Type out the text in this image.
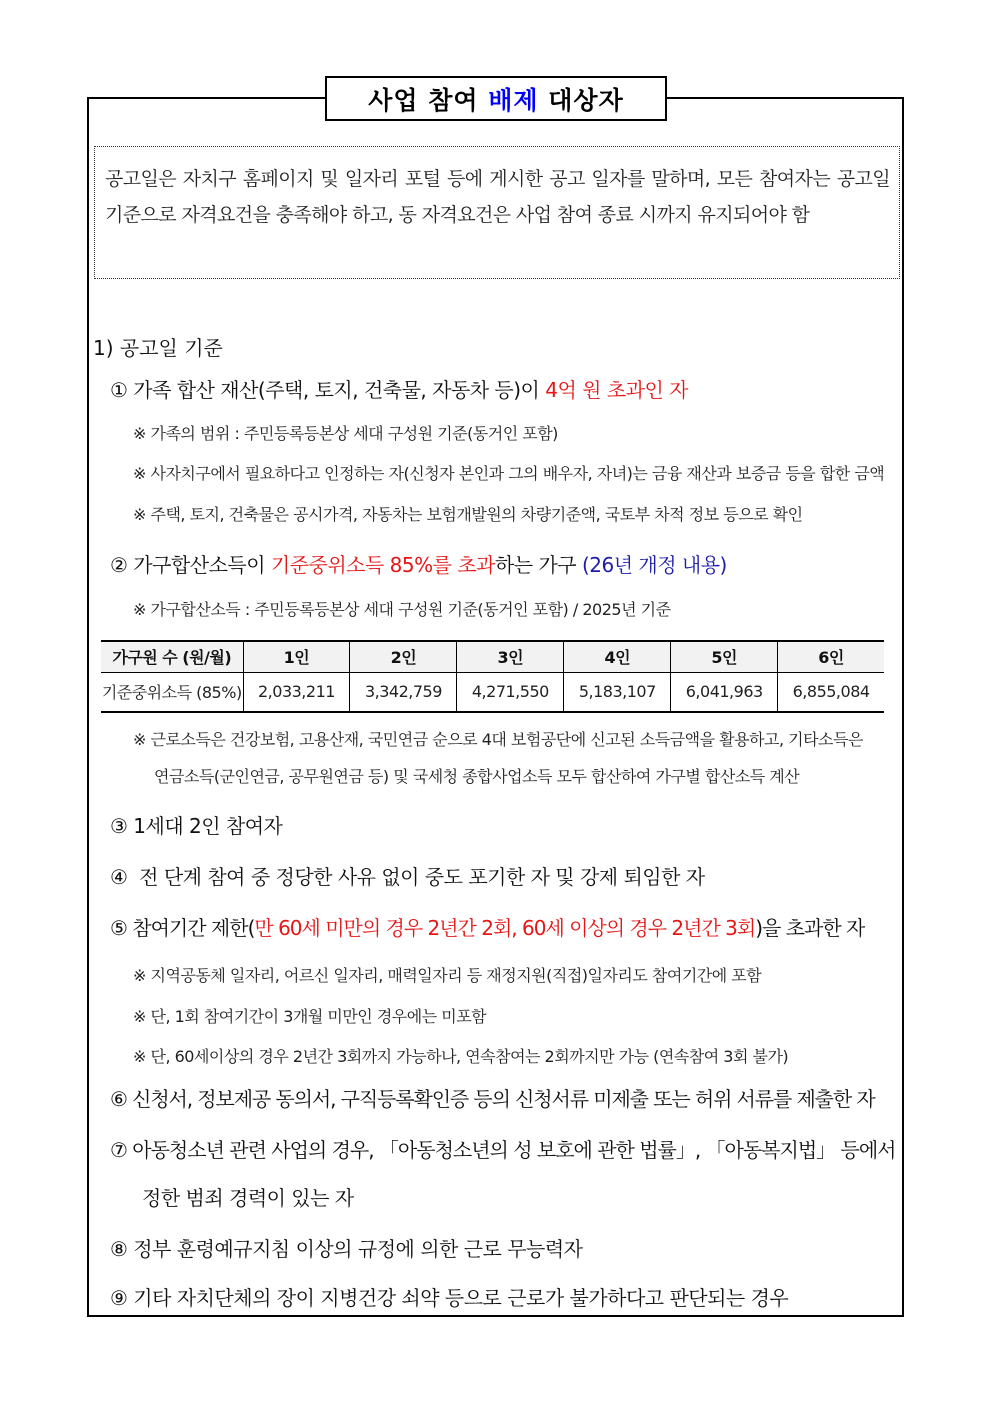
사업 참여 배제 대상자
공고일은 자치구 홈페이지 및 일자리 포털 등에 게시한 공고 일자를 말하며, 모든 참여자는 공고일 기준으로 자격요건을 충족해야 하고, 동 자격요건은 사업 참여 종료 시까지 유지되어야 함
1) 공고일 기준
① 가족 합산 재산(주택, 토지, 건축물, 자동차 등)이 4억 원 초과인 자
※ 가족의 범위 : 주민등록등본상 세대 구성원 기준(동거인 포함)
※ 사자치구에서 필요하다고 인정하는 자(신청자 본인과 그의 배우자, 자녀)는 금융 재산과 보증금 등을 합한 금액
※ 주택, 토지, 건축물은 공시가격, 자동차는 보험개발원의 차량기준액, 국토부 차적 정보 등으로 확인
② 가구합산소득이 기준중위소득 85%를 초과하는 가구 (26년 개정 내용)
※ 가구합산소득 : 주민등록등본상 세대 구성원 기준(동거인 포함) / 2025년 기준
가구원 수 (원/월)	1인	2인	3인	4인	5인	6인
기준중위소득 (85%)	2,033,211	3,342,759	4,271,550	5,183,107	6,041,963	6,855,084
※ 근로소득은 건강보험, 고용산재, 국민연금 순으로 4대 보험공단에 신고된 소득금액을 활용하고, 기타소득은
연금소득(군인연금, 공무원연금 등) 및 국세청 종합사업소득 모두 합산하여 가구별 합산소득 계산
③ 1세대 2인 참여자
④  전 단계 참여 중 정당한 사유 없이 중도 포기한 자 및 강제 퇴임한 자
⑤ 참여기간 제한(만 60세 미만의 경우 2년간 2회, 60세 이상의 경우 2년간 3회)을 초과한 자
※ 지역공동체 일자리, 어르신 일자리, 매력일자리 등 재정지원(직접)일자리도 참여기간에 포함
※ 단, 1회 참여기간이 3개월 미만인 경우에는 미포함
※ 단, 60세이상의 경우 2년간 3회까지 가능하나, 연속참여는 2회까지만 가능 (연속참여 3회 불가)
⑥ 신청서, 정보제공 동의서, 구직등록확인증 등의 신청서류 미제출 또는 허위 서류를 제출한 자
⑦ 아동청소년 관련 사업의 경우, 「아동청소년의 성 보호에 관한 법률」, 「아동복지법」 등에서
정한 범죄 경력이 있는 자
⑧ 정부 훈령예규지침 이상의 규정에 의한 근로 무능력자
⑨ 기타 자치단체의 장이 지병건강 쇠약 등으로 근로가 불가하다고 판단되는 경우
